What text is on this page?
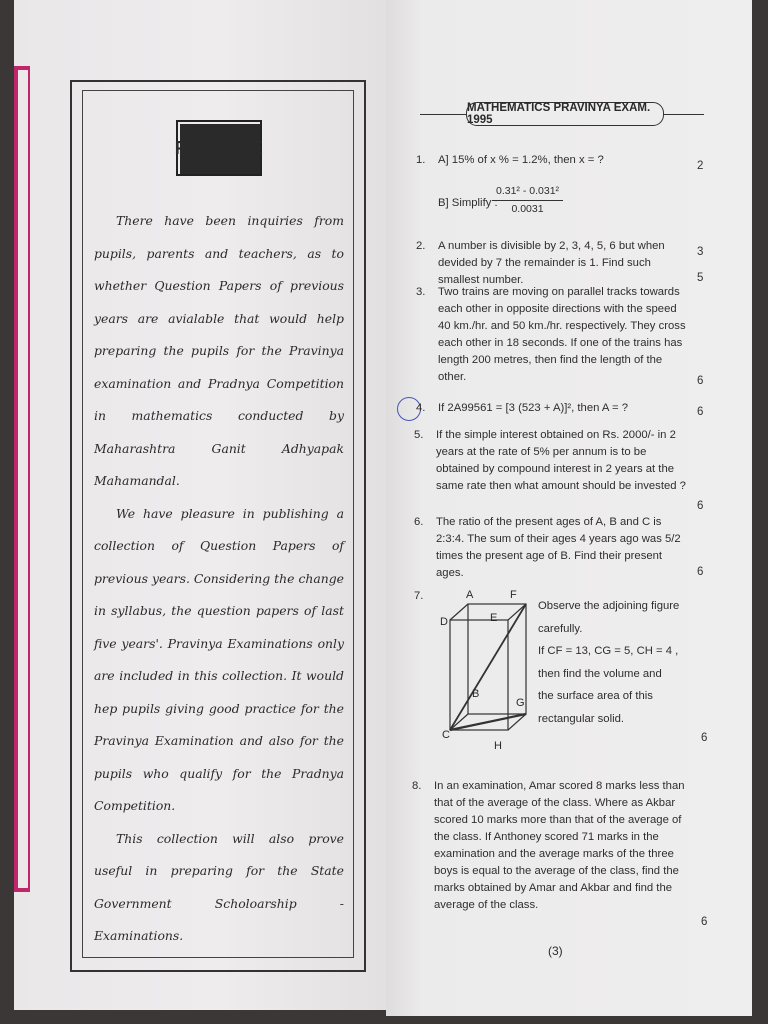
PREFACE

There have been inquiries from pupils, parents and teachers, as to whether Question Papers of previous years are avialable that would help preparing the pupils for the Pravinya examination and Pradnya Competition in mathematics conducted by Maharashtra Ganit Adhyapak Mahamandal.

We have pleasure in publishing a collection of Question Papers of previous years. Considering the change in syllabus, the question papers of last five years'. Pravinya Examinations only are included in this collection. It would hep pupils giving good practice for the Pravinya Examination and also for the pupils who qualify for the Pradnya Competition.

This collection will also prove useful in preparing for the State Government Scholoarship - Examinations.

MATHEMATICS PRAVINYA EXAM. 1995
1. A] 15% of x % = 1.2%, then x = ?	2
B] Simplify :
$\frac{\text{0.31² - 0.031²}}{0.0031}$
2. A number is divisible by 2, 3, 4, 5, 6 but when devided by 7 the remainder is 1. Find such smallest number.
3
5
3. Two trains are moving on parallel tracks towards each other in opposite directions with the speed 40 km./hr. and 50 km./hr. respectively. They cross each other in 18 seconds. If one of the trains has length 200 metres, then find the length of the other.	6
4. If 2A99561 = [3 (523 + A)]², then A = ?	6
5. If the simple interest obtained on Rs. 2000/- in 2 years at the rate of 5% per annum is to be obtained by compound interest in 2 years at the same rate then what amount should be invested ?
6
6. The ratio of the present ages of A, B and C is 2:3:4. The sum of their ages 4 years ago was 5/2 times the present age of B. Find their present ages.	6
7.	A	F
D	E
B
G
C
H
Observe the adjoining figure
carefully.
If CF = 13, CG = 5, CH = 4 ,
then find the volume and
the surface area of this
rectangular solid.
6
8. In an examination, Amar scored 8 marks less than that of the average of the class. Where as Akbar scored 10 marks more than that of the average of the class. If Anthoney scored 71 marks in the examination and the average marks of the three boys is equal to the average of the class, find the marks obtained by Amar and Akbar and find the average of the class.
6
(3)
